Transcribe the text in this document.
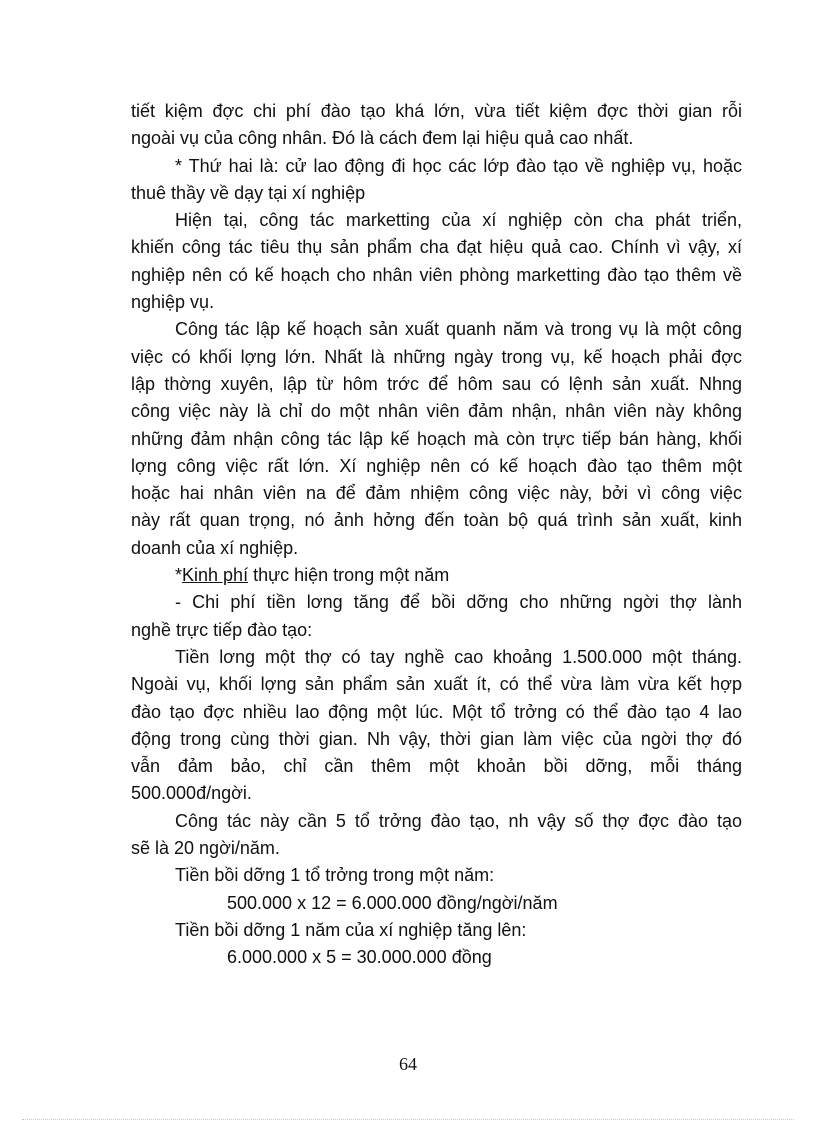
tiết kiệm đợc chi phí đào tạo khá lớn, vừa tiết kiệm đợc thời gian rỗi
ngoài vụ của công nhân. Đó là cách đem lại hiệu quả cao nhất.
* Thứ hai là: cử lao động đi học các lớp đào tạo về nghiệp vụ, hoặc
thuê thầy về dạy tại xí nghiệp
Hiện tại, công tác marketting của xí nghiệp còn cha phát triển,
khiến công tác tiêu thụ sản phẩm cha đạt hiệu quả cao. Chính vì vậy, xí
nghiệp nên có kế hoạch cho nhân viên phòng marketting đào tạo thêm về
nghiệp vụ.
Công tác lập kế hoạch sản xuất quanh năm và trong vụ là một công
việc có khối lợng lớn. Nhất là những ngày trong vụ, kế hoạch phải đợc
lập thờng xuyên, lập từ hôm trớc để hôm sau có lệnh sản xuất. Nhng
công việc này là chỉ do một nhân viên đảm nhận, nhân viên này không
những đảm nhận công tác lập kế hoạch mà còn trực tiếp bán hàng, khối
lợng công việc rất lớn. Xí nghiệp nên có kế hoạch đào tạo thêm một
hoặc hai nhân viên na để đảm nhiệm công việc này, bởi vì công việc
này rất quan trọng, nó ảnh hởng đến toàn bộ quá trình sản xuất, kinh
doanh của xí nghiệp.
*Kinh phí thực hiện trong một năm
- Chi phí tiền lơng tăng để bồi dỡng cho những ngời thợ lành
nghề trực tiếp đào tạo:
Tiền lơng một thợ có tay nghề cao khoảng 1.500.000 một tháng.
Ngoài vụ, khối lợng sản phẩm sản xuất ít, có thể vừa làm vừa kết hợp
đào tạo đợc nhiều lao động một lúc. Một tổ trởng có thể đào tạo 4 lao
động trong cùng thời gian. Nh vậy, thời gian làm việc của ngời thợ đó
vẫn đảm bảo, chỉ cần thêm một khoản bồi dỡng, mỗi tháng
500.000đ/ngời.
Công tác này cần 5 tổ trởng đào tạo, nh vậy số thợ đợc đào tạo
sẽ là 20 ngời/năm.
Tiền bồi dỡng 1 tổ trởng trong một năm:
500.000 x 12 = 6.000.000 đồng/ngời/năm
Tiền bồi dỡng 1 năm của xí nghiệp tăng lên:
6.000.000 x 5 = 30.000.000 đồng
64
